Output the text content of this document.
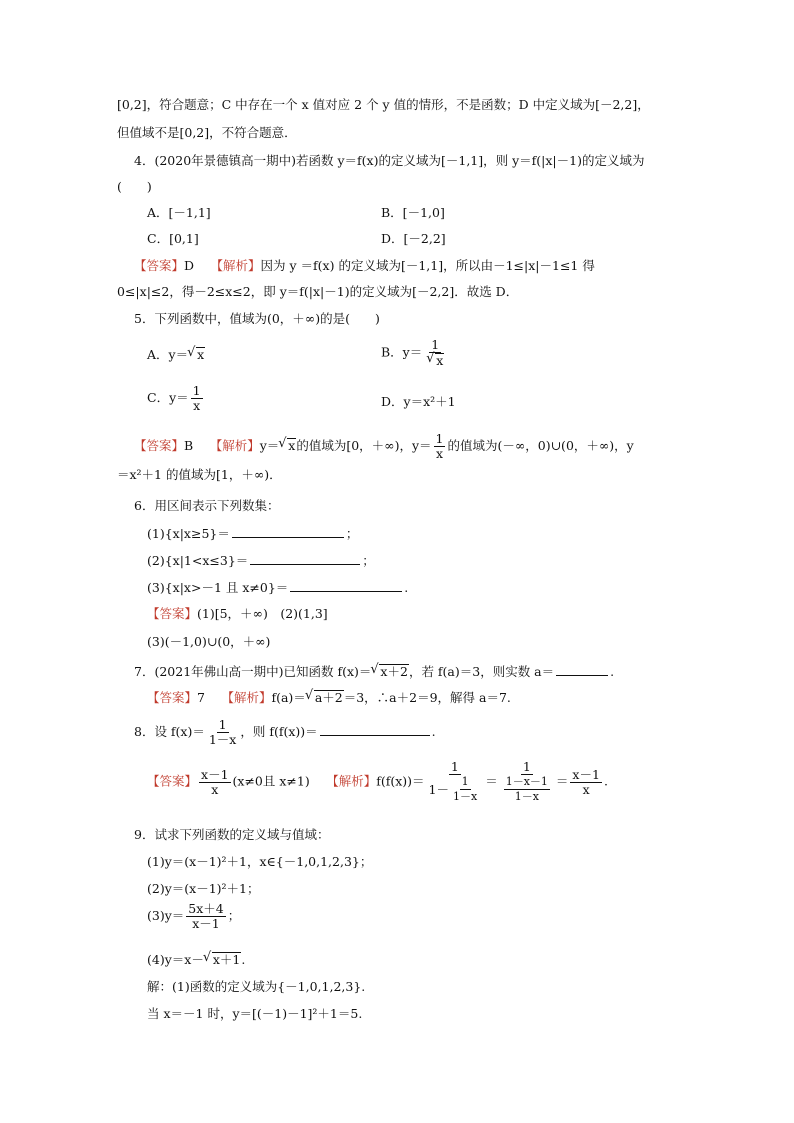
[0,2]，符合题意；C 中存在一个 x 值对应 2 个 y 值的情形，不是函数；D 中定义域为[－2,2]，
但值域不是[0,2]，不符合题意．
4．(2020年景德镇高一期中)若函数 y＝f(x)的定义域为[－1,1]，则 y＝f(|x|－1)的定义域为
(　　)
A．[－1,1]	B．[－1,0]
C．[0,1]	D．[－2,2]
【答案】D　 【解析】因为 y ＝f(x) 的定义域为[－1,1]，所以由－1≤|x|－1≤1 得
0≤|x|≤2，得－2≤x≤2，即 y＝f(|x|－1)的定义域为[－2,2]．故选 D．
5．下列函数中，值域为(0，＋∞)的是(　　)
A．y＝ √ x	B．y＝ 1
√ x
C．$y= \frac{1}{x}$	D．y＝x²＋1
【答案】B　 【解析】y＝ √ x的值域为[0，＋∞)，$y= \frac{1}{x}$ 的值域为(－∞，0)∪(0，＋∞)，y
＝x²＋1 的值域为[1，＋∞)．
6．用区间表示下列数集：
(1){x|x≥5}＝	；
(2){x|1<x≤3}＝	；
(3){x|x>－1 且 x≠0}＝	.
【答案】(1)[5，＋∞)　(2)(1,3]
(3)(－1,0)∪(0，＋∞)
7．(2021年佛山高一期中)已知函数 f(x)＝ √ x＋2，若 f(a)＝3，则实数 a＝	.
【答案】7　 【解析】f(a)＝ √ a＋2＝3，∴a＋2＝9，解得 a＝7.
8．设 $f(x)= \frac{1}{1-x}$ ，则 f(f(x))＝	.
【答案】 $\frac{x-1}{x} (x\ne 0$且 x≠1)　 【解析】$f(f(x))= \frac{1}{1- \frac{1}{1-x}} = \frac{1}{\frac{1-x-1}{1-x}} = \frac{x-1}{x}$ .
9．试求下列函数的定义域与值域：
(1)y＝(x－1)²＋1，x∈{－1,0,1,2,3}；
(2)y＝(x－1)²＋1；
$(3)y= \frac{5x+4}{x-1}$ ；
(4)y＝x－ √ x＋1.
解：(1)函数的定义域为{－1,0,1,2,3}.
当 x＝－1 时，y＝[(－1)－1]²＋1＝5.
